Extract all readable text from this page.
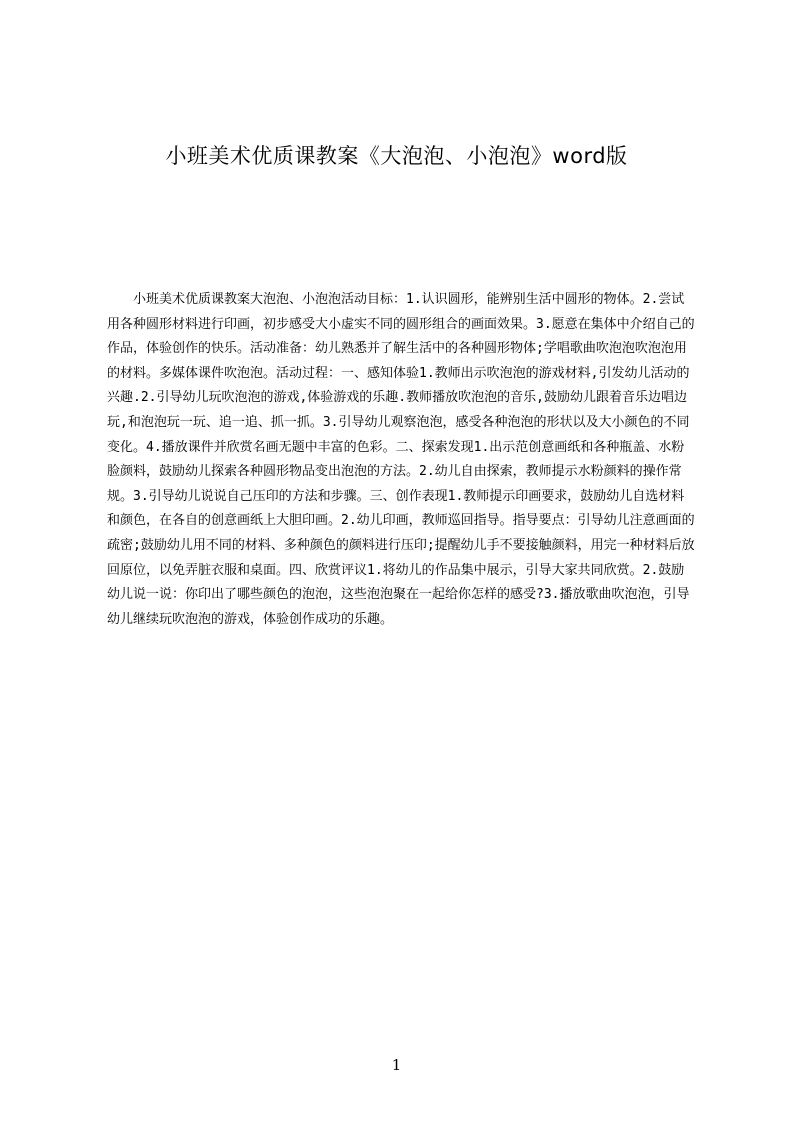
小班美术优质课教案《大泡泡、小泡泡》word版

小班美术优质课教案大泡泡、小泡泡活动目标：1.认识圆形，能辨别生活中圆形的物体。2.尝试用各种圆形材料进行印画，初步感受大小虚实不同的圆形组合的画面效果。3.愿意在集体中介绍自己的作品，体验创作的快乐。活动准备：幼儿熟悉并了解生活中的各种圆形物体;学唱歌曲吹泡泡吹泡泡用的材料。多媒体课件吹泡泡。活动过程：一、感知体验1.教师出示吹泡泡的游戏材料,引发幼儿活动的兴趣.2.引导幼儿玩吹泡泡的游戏,体验游戏的乐趣.教师播放吹泡泡的音乐,鼓励幼儿跟着音乐边唱边玩,和泡泡玩一玩、追一追、抓一抓。3.引导幼儿观察泡泡，感受各种泡泡的形状以及大小颜色的不同变化。4.播放课件并欣赏名画无题中丰富的色彩。二、探索发现1.出示范创意画纸和各种瓶盖、水粉脸颜料，鼓励幼儿探索各种圆形物品变出泡泡的方法。2.幼儿自由探索，教师提示水粉颜料的操作常规。3.引导幼儿说说自己压印的方法和步骤。三、创作表现1.教师提示印画要求，鼓励幼儿自选材料和颜色，在各自的创意画纸上大胆印画。2.幼儿印画，教师巡回指导。指导要点：引导幼儿注意画面的疏密;鼓励幼儿用不同的材料、多种颜色的颜料进行压印;提醒幼儿手不要接触颜料，用完一种材料后放回原位，以免弄脏衣服和桌面。四、欣赏评议1.将幼儿的作品集中展示，引导大家共同欣赏。2.鼓励幼儿说一说：你印出了哪些颜色的泡泡，这些泡泡聚在一起给你怎样的感受?3.播放歌曲吹泡泡，引导幼儿继续玩吹泡泡的游戏，体验创作成功的乐趣。

1
